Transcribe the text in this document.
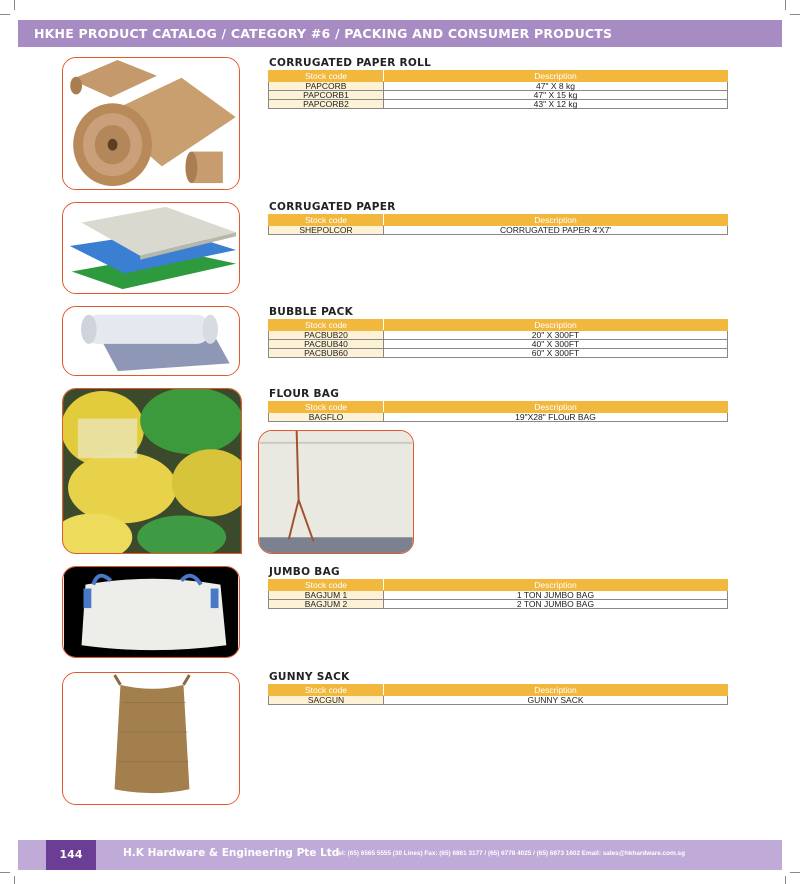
HKHE PRODUCT CATALOG / CATEGORY #6 / PACKING AND CONSUMER PRODUCTS
CORRUGATED PAPER ROLL
Stock code	Description
PAPCORB	47" X 8 kg
PAPCORB1	47" X 15 kg
PAPCORB2	43" X 12 kg
CORRUGATED PAPER
Stock code	Description
SHEPOLCOR	CORRUGATED PAPER 4'X7'
BUBBLE PACK
Stock code	Description
PACBUB20	20" X 300FT
PACBUB40	40" X 300FT
PACBUB60	60" X 300FT
FLOUR BAG
Stock code	Description
BAGFLO	19"X28" FLOuR BAG
JUMBO BAG
Stock code	Description
BAGJUM 1	1 TON JUMBO BAG
BAGJUM 2	2 TON JUMBO BAG
GUNNY SACK
Stock code	Description
SACGUN	GUNNY SACK
144	H.K Hardware & Engineering Pte Ltd
Tel: (65) 6565 5555 (30 Lines) Fax: (65) 6861 3177 / (65) 6778 4025 / (65) 6873 1602 Email: sales@hkhardware.com.sg
